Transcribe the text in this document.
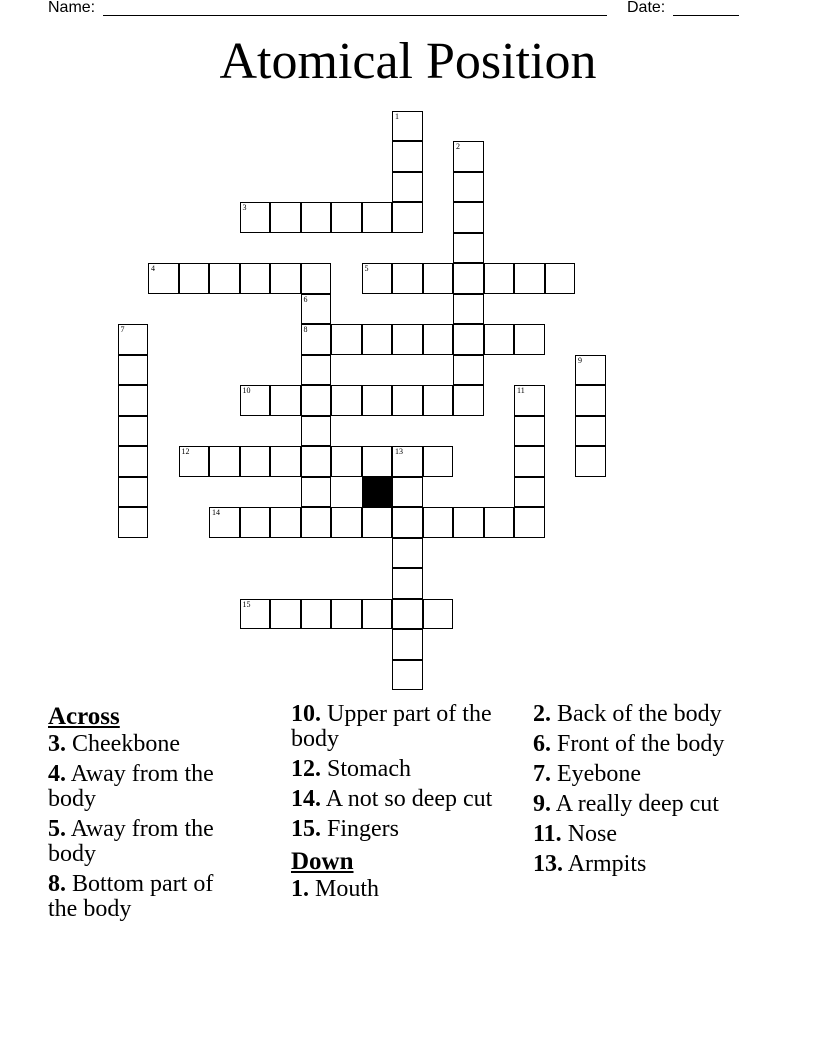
Name:	Date:
Atomical Position
1
2
3
4	5
6
8
7
9
10	11
12	13
14
15
Across
3. Cheekbone
4. Away from the body
5. Away from the body
8. Bottom part of the body
10. Upper part of the body
12. Stomach
14. A not so deep cut
15. Fingers
Down
1. Mouth
2. Back of the body
6. Front of the body
7. Eyebone
9. A really deep cut
11. Nose
13. Armpits
